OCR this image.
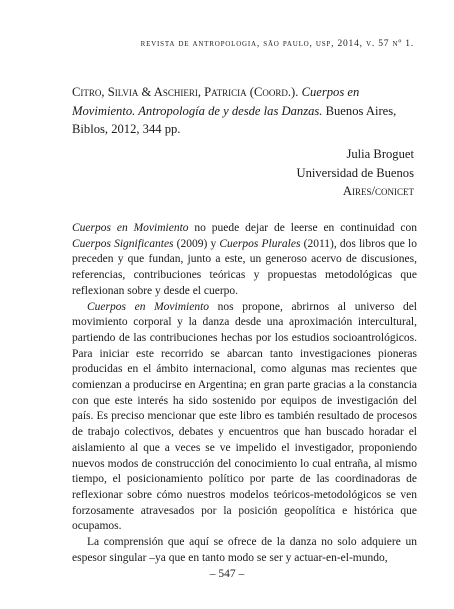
revista de antropologia, são paulo, usp, 2014, v. 57 nº 1.
Citro, Silvia & Aschieri, Patricia (Coord.). Cuerpos en Movimiento. Antropología de y desde las Danzas. Buenos Aires, Biblos, 2012, 344 pp.
Julia Broguet
Universidad de Buenos
Aires/conicet

Cuerpos en Movimiento no puede dejar de leerse en continuidad con Cuerpos Significantes (2009) y Cuerpos Plurales (2011), dos libros que lo preceden y que fundan, junto a este, un generoso acervo de discusiones, referencias, contribuciones teóricas y propuestas metodológicas que reflexionan sobre y desde el cuerpo.

Cuerpos en Movimiento nos propone, abrirnos al universo del movimiento corporal y la danza desde una aproximación intercultural, partiendo de las contribuciones hechas por los estudios socioantrológicos. Para iniciar este recorrido se abarcan tanto investigaciones pioneras producidas en el ámbito internacional, como algunas mas recientes que comienzan a producirse en Argentina; en gran parte gracias a la constancia con que este interés ha sido sostenido por equipos de investigación del país. Es preciso mencionar que este libro es también resultado de procesos de trabajo colectivos, debates y encuentros que han buscado horadar el aislamiento al que a veces se ve impelido el investigador, proponiendo nuevos modos de construcción del conocimiento lo cual entraña, al mismo tiempo, el posicionamiento político por parte de las coordinadoras de reflexionar sobre cómo nuestros modelos teóricos-metodológicos se ven forzosamente atravesados por la posición geopolítica e histórica que ocupamos.

La comprensión que aquí se ofrece de la danza no solo adquiere un espesor singular –ya que en tanto modo se ser y actuar-en-el-mundo,

– 547 –
